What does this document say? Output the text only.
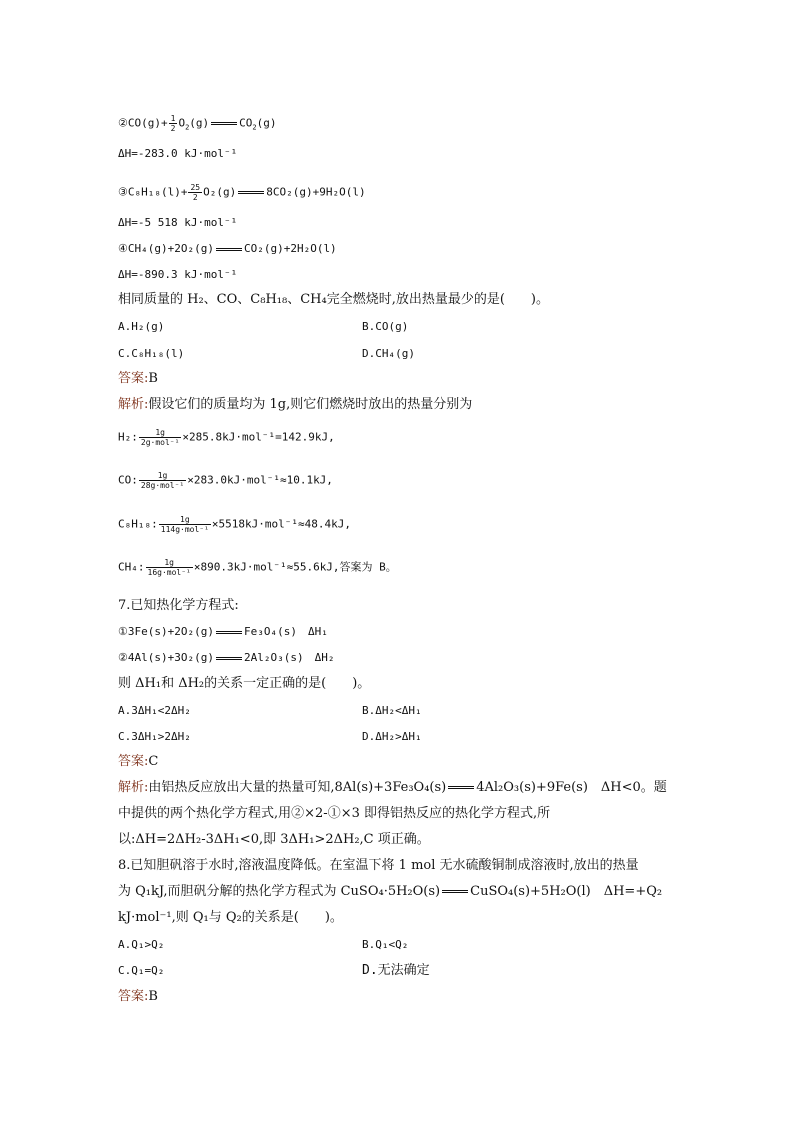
②CO(g)+ $\frac{1}{2} O_2(g)$	$CO_2(g)$
ΔH=-283.0 kJ·mol⁻¹
③C₈H₁₈(l)+ $\frac{25}{2} O_2(g)$	8CO₂(g)+9H₂O(l)
ΔH=-5 518 kJ·mol⁻¹
④CH₄(g)+2O₂(g)	CO₂(g)+2H₂O(l)
ΔH=-890.3 kJ·mol⁻¹
相同质量的 H₂、CO、C₈H₁₈、CH₄完全燃烧时,放出热量最少的是(　　)。
A.H₂(g)	B.CO(g)
C.C₈H₁₈(l)	D.CH₄(g)
答案:B
解析:假设它们的质量均为 1g,则它们燃烧时放出的热量分别为
H₂: $\frac{1g}{\text{2g·mol⁻¹}} \times 285.8kJ\cdot mol^{-1}=142.9kJ$,
CO: $\frac{1g}{\text{28g·mol⁻¹}} \times 283.0kJ\cdot mol^{-1}\approx 10.1kJ$,
C₈H₁₈: $\frac{1g}{\text{114g·mol⁻¹}} \times 5518kJ\cdot mol^{-1}\approx 48.4kJ$,
CH₄: $\frac{1g}{\text{16g·mol⁻¹}} \times 890.3kJ\cdot mol^{-1}\approx 55.6kJ$,答案为 B。
7.已知热化学方程式:
①3Fe(s)+2O₂(g)	Fe₃O₄(s)　ΔH₁
②4Al(s)+3O₂(g)	2Al₂O₃(s)　ΔH₂
则 ΔH₁和 ΔH₂的关系一定正确的是(　　)。
A.3ΔH₁<2ΔH₂	B.ΔH₂<ΔH₁
C.3ΔH₁>2ΔH₂	D.ΔH₂>ΔH₁
答案:C
解析:由铝热反应放出大量的热量可知,8Al(s)+3Fe₃O₄(s) 4Al₂O₃(s)+9Fe(s)　ΔH<0。题
中提供的两个热化学方程式,用②×2-①×3 即得铝热反应的热化学方程式,所
以:ΔH=2ΔH₂-3ΔH₁<0,即 3ΔH₁>2ΔH₂,C 项正确。
8.已知胆矾溶于水时,溶液温度降低。在室温下将 1 mol 无水硫酸铜制成溶液时,放出的热量
为 Q₁kJ,而胆矾分解的热化学方程式为 CuSO₄·5H₂O(s) CuSO₄(s)+5H₂O(l)　ΔH=+Q₂
kJ·mol⁻¹,则 Q₁与 Q₂的关系是(　　)。
A.Q₁>Q₂	B.Q₁<Q₂
C.Q₁=Q₂	D.无法确定
答案:B
